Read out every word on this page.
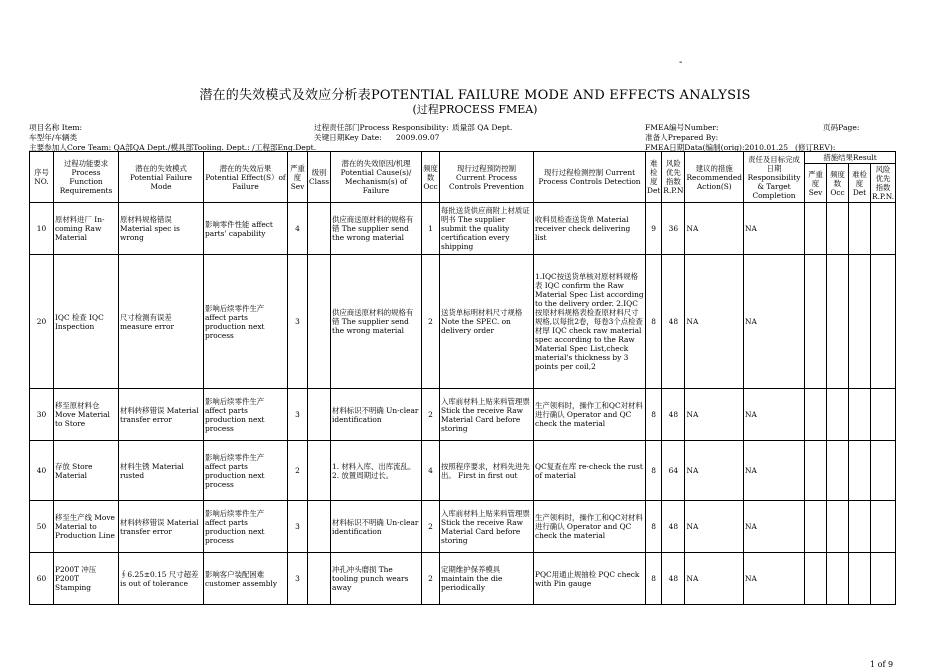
-
潜在的失效模式及效应分析表POTENTIAL FAILURE MODE AND EFFECTS ANALYSIS
(过程PROCESS FMEA)
项目名称 Item:	过程责任部门Process Responsibility: 质量部 QA Dept.	FMEA编号Number:	页码Page:
车型年/车辆类	关键日期Key Date: 2009.09.07	准备人Prepared By:
主要参加人Core Team: QA部QA Dept./模具部Tooling. Dept.: /工程部Eng.Dept.	FMEA日期Data(编制(orig):2010.01.25 (修订REV):
序号 NO.	过程功能要求 Process Function Requirements	潜在的失效模式 Potential Failure Mode	潜在的失效后果 Potential Effect(S）of Failure	严重度 Sev	级别 Class	潜在的失效原因/机理 Potential Cause(s)/ Mechanism(s) of Failure	频度数 Occ	现行过程预防控制 Current Process Controls Prevention	现行过程检测控制 Current Process Controls Detection	难检度 Det	风险优先指数 R.P.N	建议的措施 Recommended Action(S)	责任及目标完成日期 Responsibility & Target Completion	措施结果Result			
														严重度 Sev	频度数 Occ	难检度 Det	风险优先指数 R.P.N.
10	原材料进厂 In-coming Raw Material	原材料规格错误 Material spec is wrong	影响零件性能 affect parts' capability	4		供应商送原材料的规格有错 The supplier send the wrong material	1	每批送货供应商附上材质证明书 The supplier submit the quality certification every shipping	收料员检查送货单 Material receiver check delivering list	9	36	NA	NA				
20	IQC 检查 IQC Inspection	尺寸检测有误差 measure error	影响后续零件生产 affect parts production next process	3		供应商送原材料的规格有错 The supplier send the wrong material	2	送货单标明材料尺寸规格 Note the SPEC. on delivery order	1.IQC按送货单核对原材料规格表 IQC confirm the Raw Material Spec List according to the delivery order. 2.IQC按原材料规格表检查原材料尺寸规格,以每批2卷，每卷3个点检查材厚 IQC check raw material spec according to the Raw Material Spec List,check material's thickness by 3 points per coil,2	8	48	NA	NA				
30	移至原材料仓 Move Material to Store	材料转移错误 Material transfer error	影响后续零件生产 affect parts production next process	3		材料标识不明确 Un-clear identification	2	入库前材料上贴来料管理票 Stick the receive Raw Material Card before storing	生产领料时，操作工和QC对材料进行确认 Operator and QC check the material	8	48	NA	NA				
40	存放 Store Material	材料生锈 Material rusted	影响后续零件生产 affect parts production next process	2		1. 材料入库、出库流乱。 2. 放置周期过长。	4	按照程序要求，材料先进先出。 First in first out	QC复查在库 re-check the rust of material	8	64	NA	NA				
50	移至生产线 Move Material to Production Line	材料转移错误 Material transfer error	影响后续零件生产 affect parts production next process	3		材料标识不明确 Un-clear identification	2	入库前材料上贴来料管理票 Stick the receive Raw Material Card before storing	生产领料时，操作工和QC对材料进行确认 Operator and QC check the material	8	48	NA	NA				
60	P200T 冲压 P200T Stamping	∮6.25±0.15 尺寸超差 is out of tolerance	影响客户装配困难 customer assembly	3		冲孔冲头磨损 The tooling punch wears away	2	定期维护保养模具 maintain the die periodically	PQC用通止规抽检 PQC check with Pin gauge	8	48	NA	NA				
1 of 9
